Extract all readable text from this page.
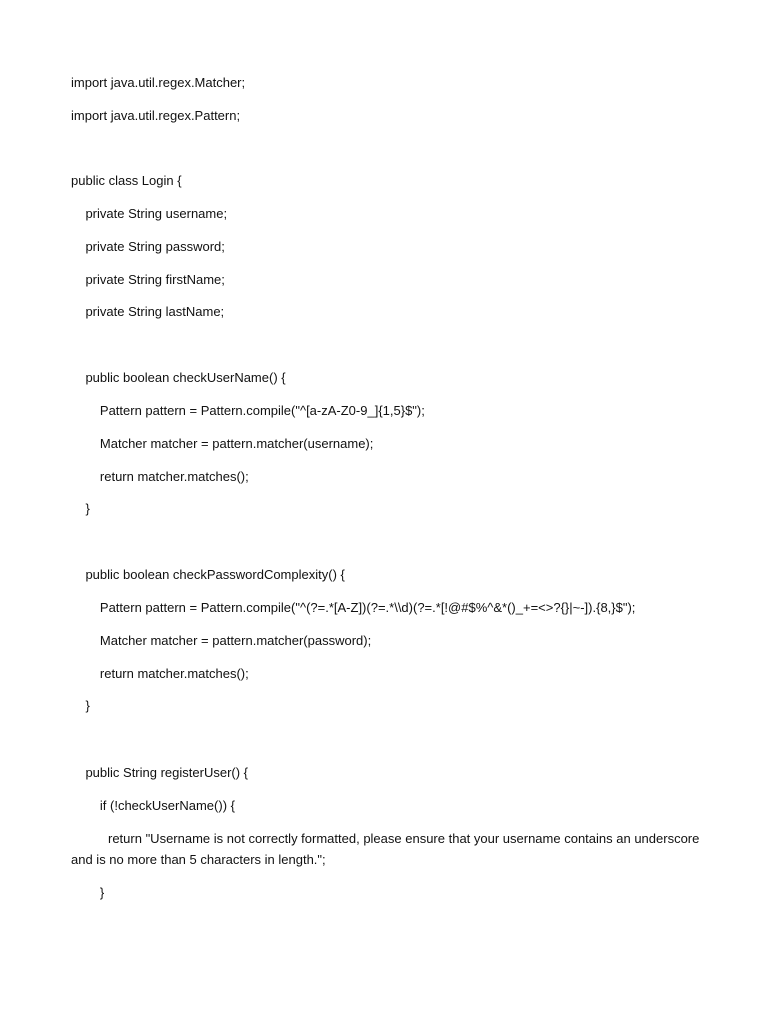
import java.util.regex.Matcher;
import java.util.regex.Pattern;
public class Login {
private String username;
private String password;
private String firstName;
private String lastName;
public boolean checkUserName() {
Pattern pattern = Pattern.compile("^[a-zA-Z0-9_]{1,5}$");
Matcher matcher = pattern.matcher(username);
return matcher.matches();
}
public boolean checkPasswordComplexity() {
Pattern pattern = Pattern.compile("^(?=.*[A-Z])(?=.*\\d)(?=.*[!@#$%^&*()_+=<>?{}|~-]).{8,}$");
Matcher matcher = pattern.matcher(password);
return matcher.matches();
}
public String registerUser() {
if (!checkUserName()) {
return "Username is not correctly formatted, please ensure that your username contains an underscore and is no more than 5 characters in length.";
}
